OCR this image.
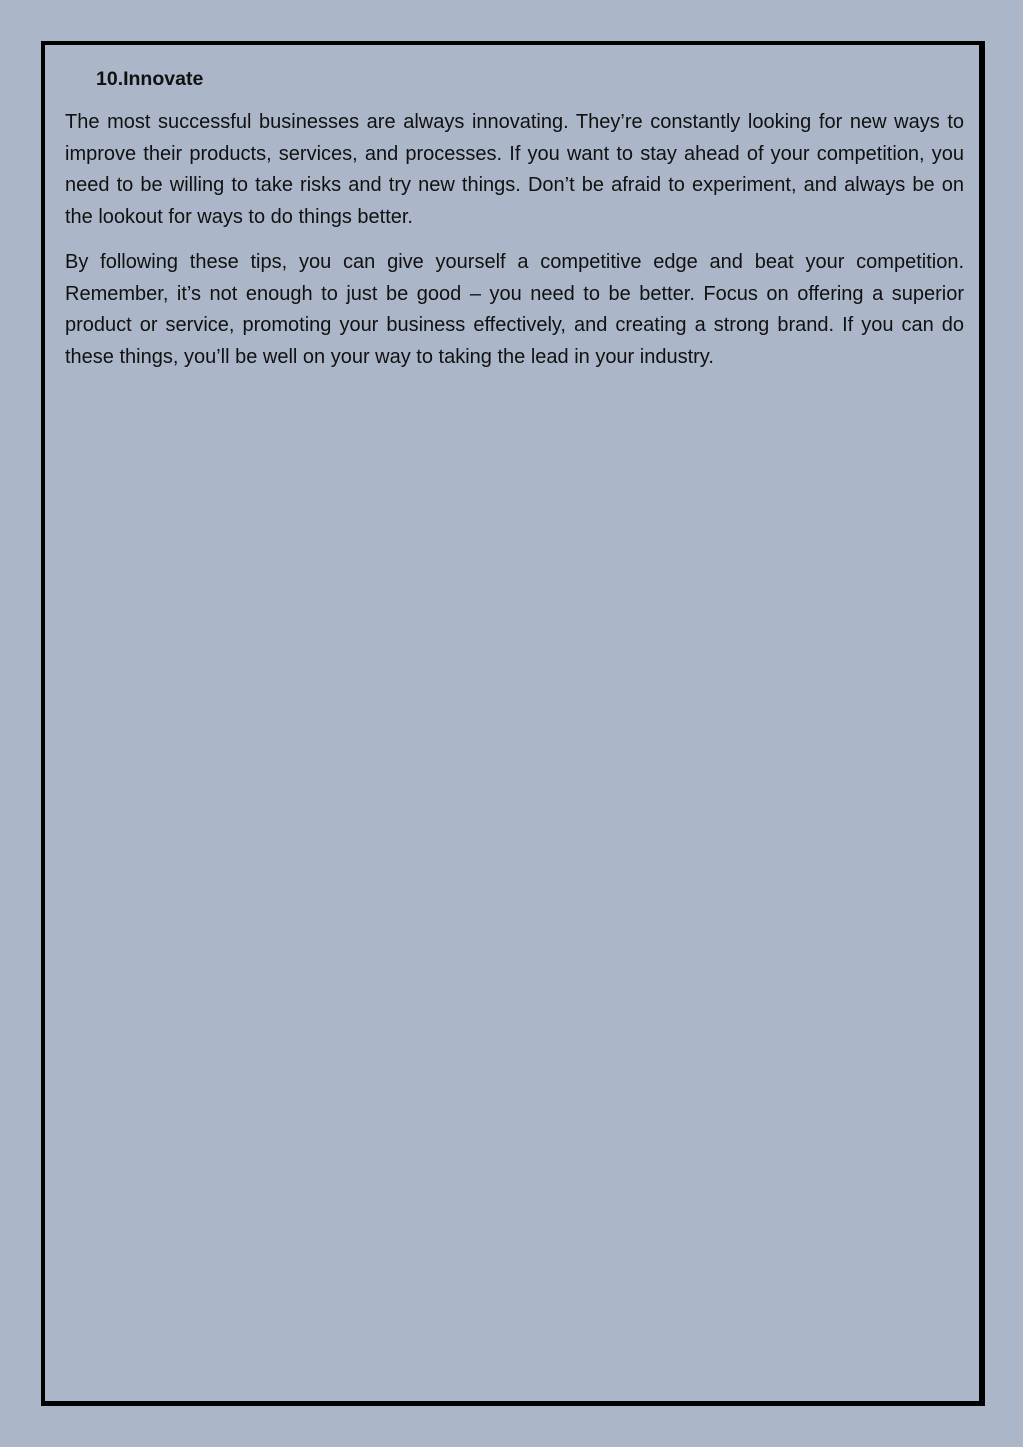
10.Innovate

The most successful businesses are always innovating. They’re constantly looking for new ways to improve their products, services, and processes. If you want to stay ahead of your competition, you need to be willing to take risks and try new things. Don’t be afraid to experiment, and always be on the lookout for ways to do things better.

By following these tips, you can give yourself a competitive edge and beat your competition. Remember, it’s not enough to just be good – you need to be better. Focus on offering a superior product or service, promoting your business effectively, and creating a strong brand. If you can do these things, you’ll be well on your way to taking the lead in your industry.
